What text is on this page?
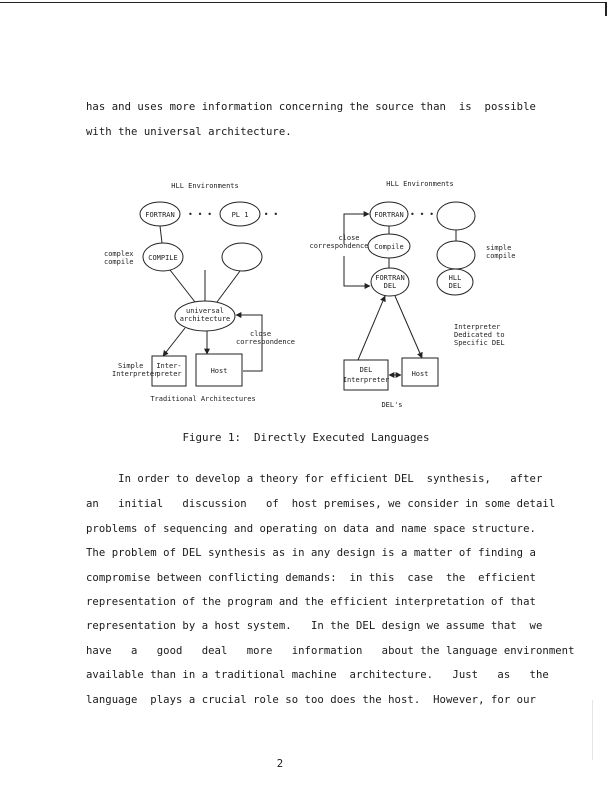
has and uses more information concerning the source than  is  possible
with the universal architecture.
HLL Environments
FORTRAN • • •	PL 1 • •
COMPILE
complex
compile
universal
architecture
close
correspondence
Simple
Interpreter
Inter-
preter	Host
Traditional Architectures
HLL Environments
FORTRAN • • •
Compile
close
correspondence
FORTRAN
DEL
HLL
DEL
simple
compile
Interpreter
Dedicated to
Specific DEL
DEL
Interpreter
Host
DEL's
Figure 1:  Directly Executed Languages
In order to develop a theory for efficient DEL  synthesis,   after
an   initial   discussion   of  host premises, we consider in some detail
problems of sequencing and operating on data and name space structure.
The problem of DEL synthesis as in any design is a matter of finding a
compromise between conflicting demands:  in this  case  the  efficient
representation of the program and the efficient interpretation of that
representation by a host system.   In the DEL design we assume that  we
have   a   good   deal   more   information   about the language environment
available than in a traditional machine  architecture.   Just   as   the
language  plays a crucial role so too does the host.  However, for our
2
